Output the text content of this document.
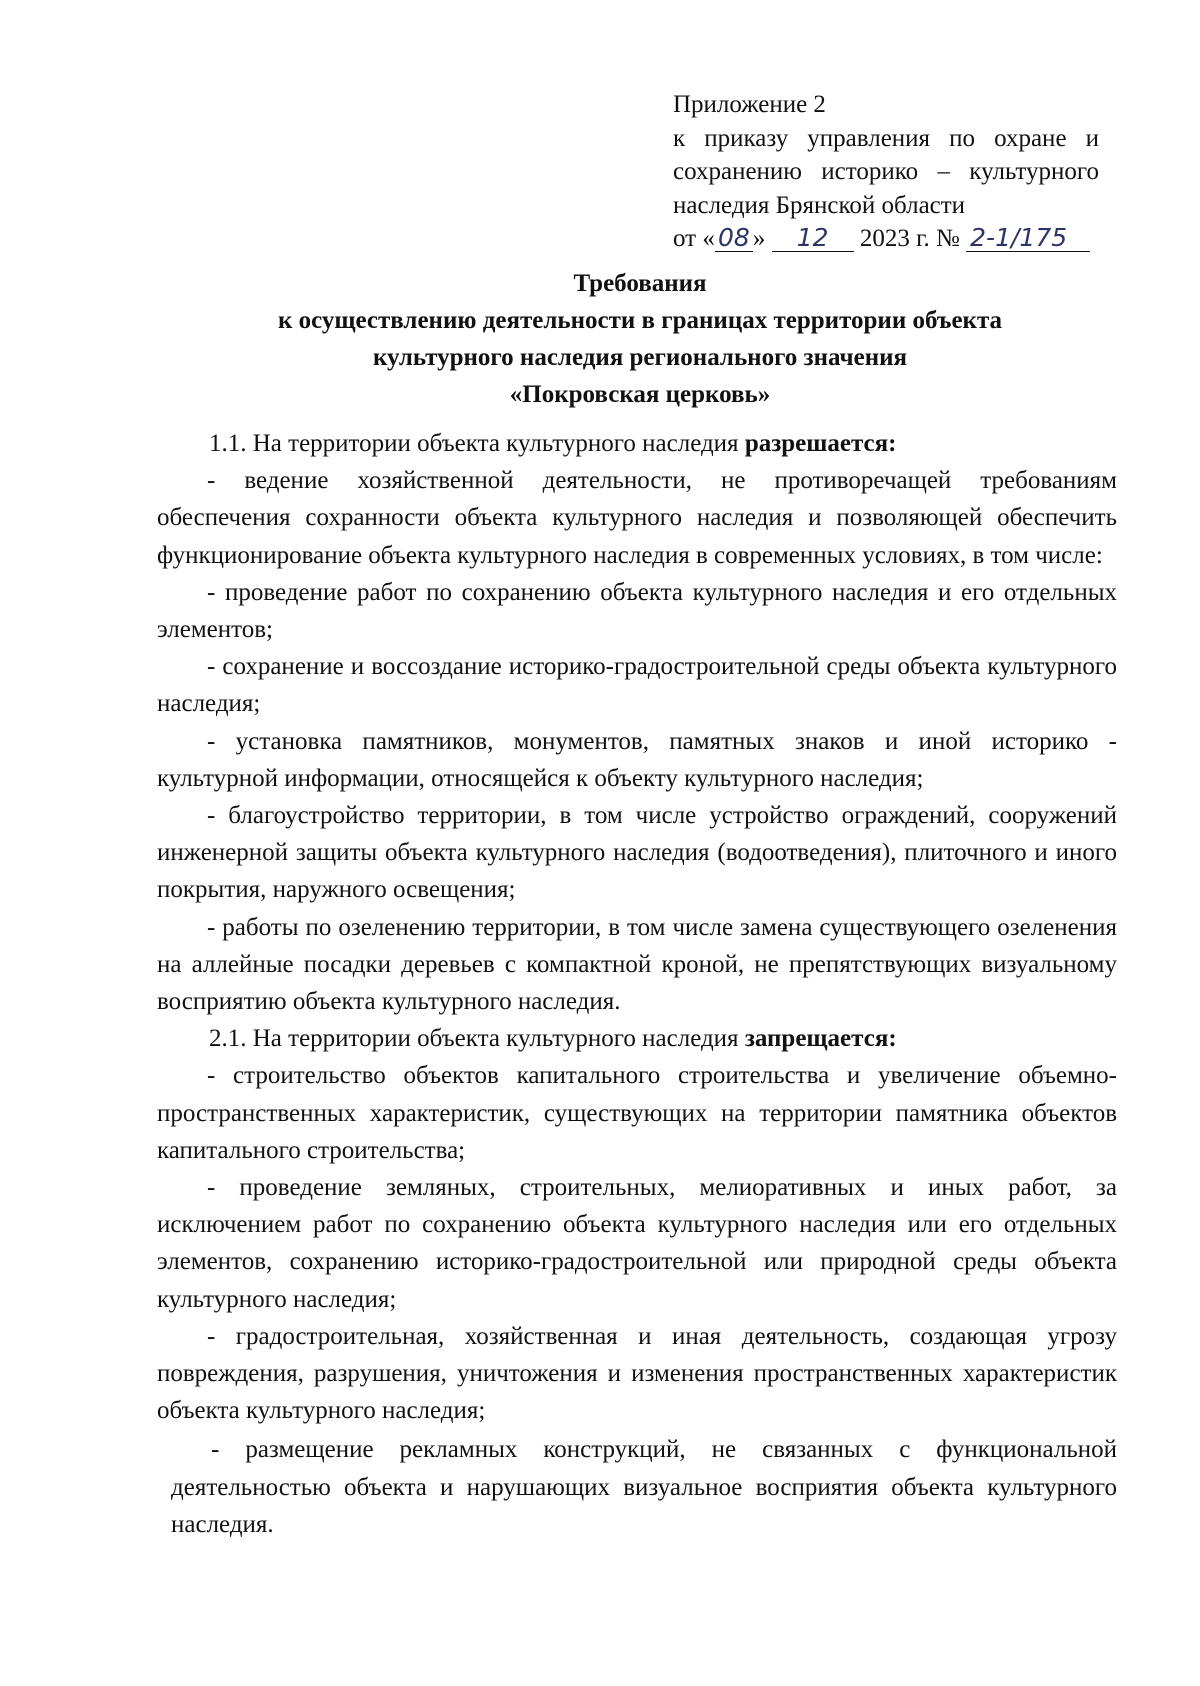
Приложение 2
к приказу управления по охране и сохранению историко – культурного наследия Брянской области
от « 08 » 12 2023 г. № 2-1/175
Требования
к осуществлению деятельности в границах территории объекта
культурного наследия регионального значения
«Покровская церковь»

1.1. На территории объекта культурного наследия разрешается:

- ведение хозяйственной деятельности, не противоречащей требованиям обеспечения сохранности объекта культурного наследия и позволяющей обеспечить функционирование объекта культурного наследия в современных условиях, в том числе:

- проведение работ по сохранению объекта культурного наследия и его отдельных элементов;

- сохранение и воссоздание историко-градостроительной среды объекта культурного наследия;

- установка памятников, монументов, памятных знаков и иной историко - культурной информации, относящейся к объекту культурного наследия;

- благоустройство территории, в том числе устройство ограждений, сооружений инженерной защиты объекта культурного наследия (водоотведения), плиточного и иного покрытия, наружного освещения;

- работы по озеленению территории, в том числе замена существующего озеленения на аллейные посадки деревьев с компактной кроной, не препятствующих визуальному восприятию объекта культурного наследия.

2.1. На территории объекта культурного наследия запрещается:

- строительство объектов капитального строительства и увеличение объемно-пространственных характеристик, существующих на территории памятника объектов капитального строительства;

- проведение земляных, строительных, мелиоративных и иных работ, за исключением работ по сохранению объекта культурного наследия или его отдельных элементов, сохранению историко-градостроительной или природной среды объекта культурного наследия;

- градостроительная, хозяйственная и иная деятельность, создающая угрозу повреждения, разрушения, уничтожения и изменения пространственных характеристик объекта культурного наследия;

- размещение рекламных конструкций, не связанных с функциональной деятельностью объекта и нарушающих визуальное восприятия объекта культурного наследия.
